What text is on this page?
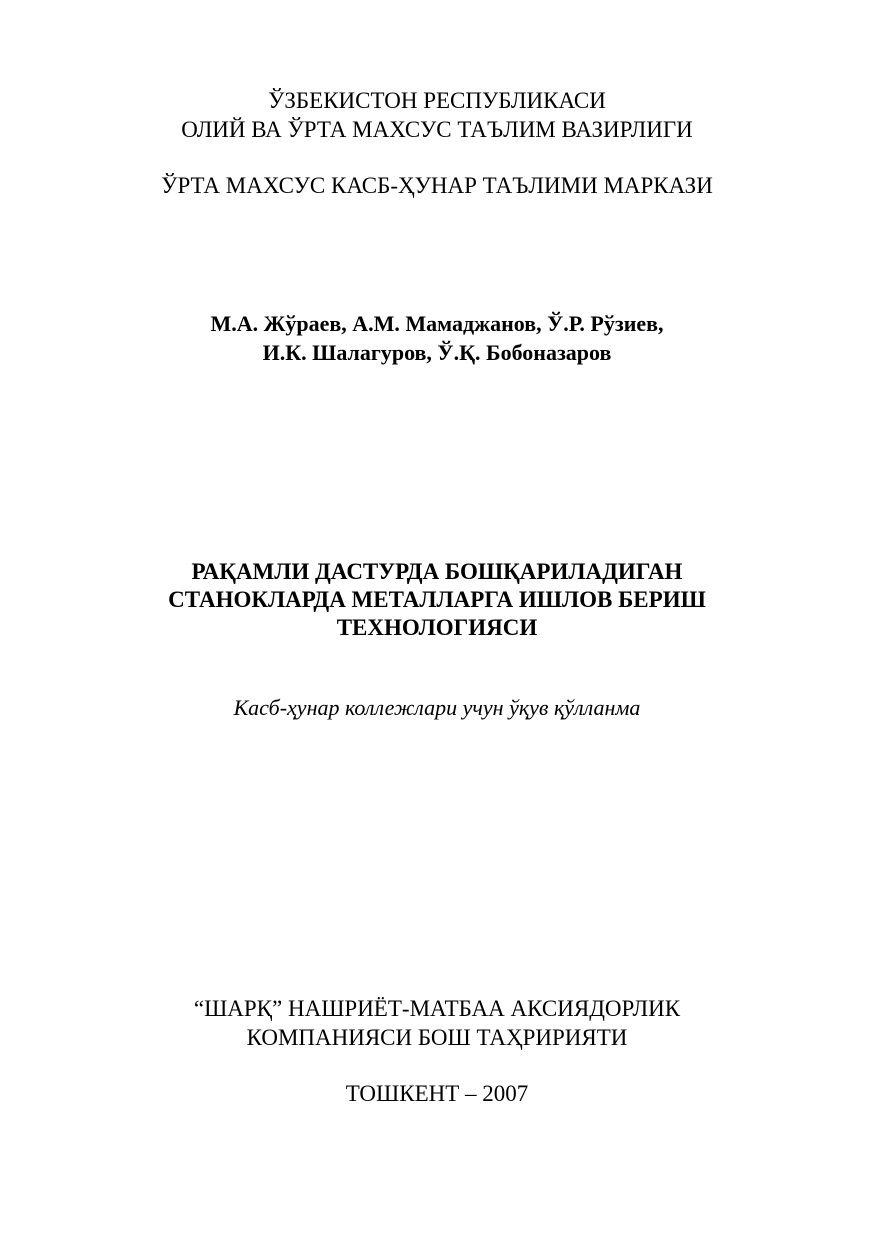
ЎЗБЕКИСТОН РЕСПУБЛИКАСИ
ОЛИЙ ВА ЎРТА МАХСУС ТАЪЛИМ ВАЗИРЛИГИ
ЎРТА МАХСУС КАСБ-ҲУНАР ТАЪЛИМИ МАРКАЗИ
М.А. Жўраев, А.М. Мамаджанов, Ў.Р. Рўзиев,
И.К. Шалагуров, Ў.Қ. Бобоназаров
РАҚАМЛИ ДАСТУРДА БОШҚАРИЛАДИГАН
СТАНОКЛАРДА МЕТАЛЛАРГА ИШЛОВ БЕРИШ
ТЕХНОЛОГИЯСИ
Касб-ҳунар коллежлари учун ўқув қўлланма
“ШАРҚ” НАШРИЁТ-МАТБАА АКСИЯДОРЛИК
КОМПАНИЯСИ БОШ ТАҲРИРИЯТИ
ТОШКЕНТ – 2007
